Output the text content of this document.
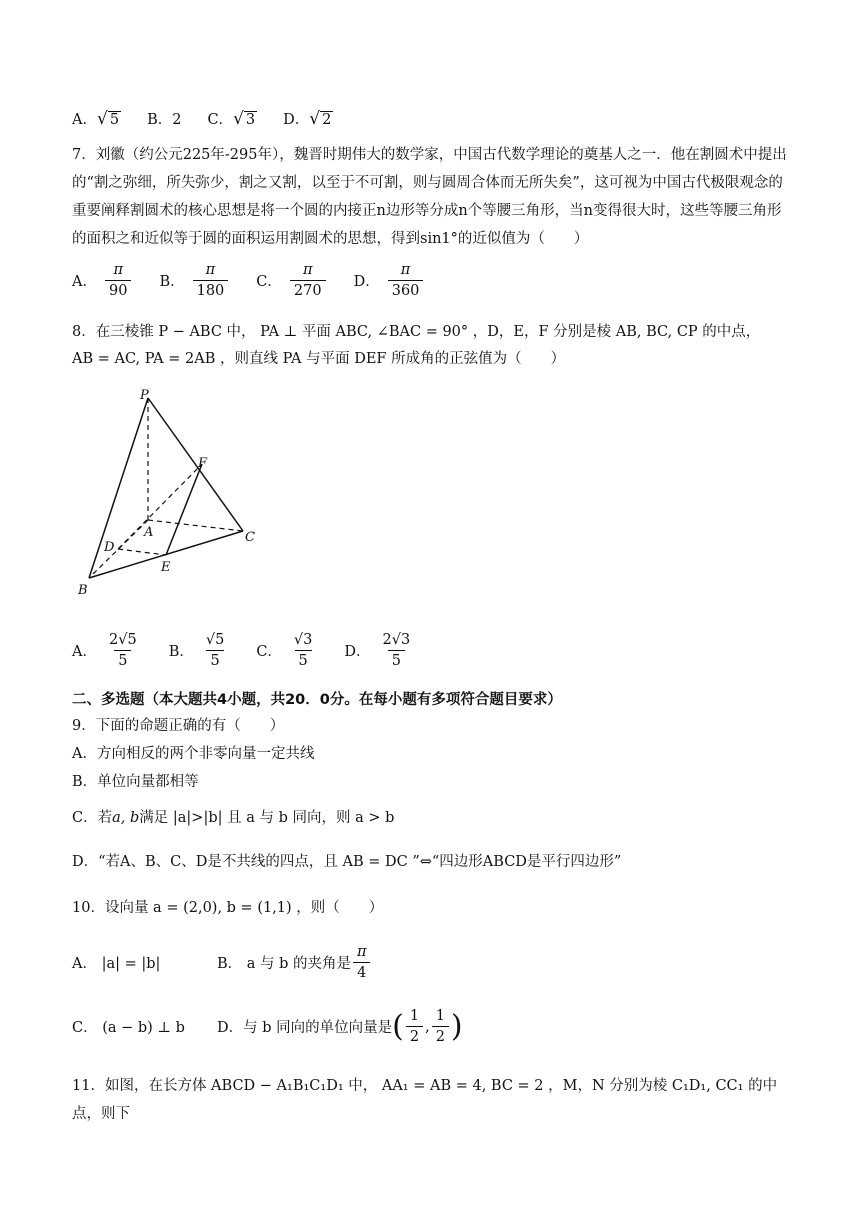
A． √ 5 B．2 C． √ 3 D． √ 2
7．刘徽（约公元225年-295年），魏晋时期伟大的数学家，中国古代数学理论的奠基人之一．他在割圆术中提出的“割之弥细，所失弥少，割之又割，以至于不可割，则与圆周合体而无所失矣”，这可视为中国古代极限观念的重要阐释割圆术的核心思想是将一个圆的内接正n边形等分成n个等腰三角形，当n变得很大时，这些等腰三角形的面积之和近似等于圆的面积运用割圆术的思想，得到sin1°的近似值为（　　）
A． $\frac{\pi}{90}$ B． $\frac{\pi}{180}$ C． $\frac{\pi}{270}$ D． $\frac{\pi}{360}$
8．在三棱锥 P − ABC 中， PA ⊥ 平面 ABC, ∠BAC = 90° ，D，E，F 分别是棱 AB, BC, CP 的中点，
AB = AC, PA = 2AB ，则直线 PA 与平面 DEF 所成角的正弦值为（　　）
P
F
A	C
D
E
B
A． $\frac{2√5}{5}$ B． $\frac{√5}{5}$ C． $\frac{√3}{5}$ D． $\frac{2√3}{5}$
二、多选题（本大题共4小题，共20．0分。在每小题有多项符合题目要求）
9．下面的命题正确的有（　　）
A．方向相反的两个非零向量一定共线
B．单位向量都相等
C．若a, b满足 |a|>|b| 且 a 与 b 同向，则 a > b
D．“若A、B、C、D是不共线的四点，且 AB = DC ”⇔“四边形ABCD是平行四边形”
10．设向量 a = (2,0), b = (1,1) ，则（　　）
A． |a| = |b|	B． a 与 b 的夹角是 $\frac{\pi}{4}$
C． (a − b) ⊥ b	D．与 b 同向的单位向量是 ( $\frac{1}{2}$ , $\frac{1}{2}$ )
11．如图，在长方体 ABCD − A₁B₁C₁D₁ 中， AA₁ = AB = 4, BC = 2 ，M，N 分别为棱 C₁D₁, CC₁ 的中点，则下
